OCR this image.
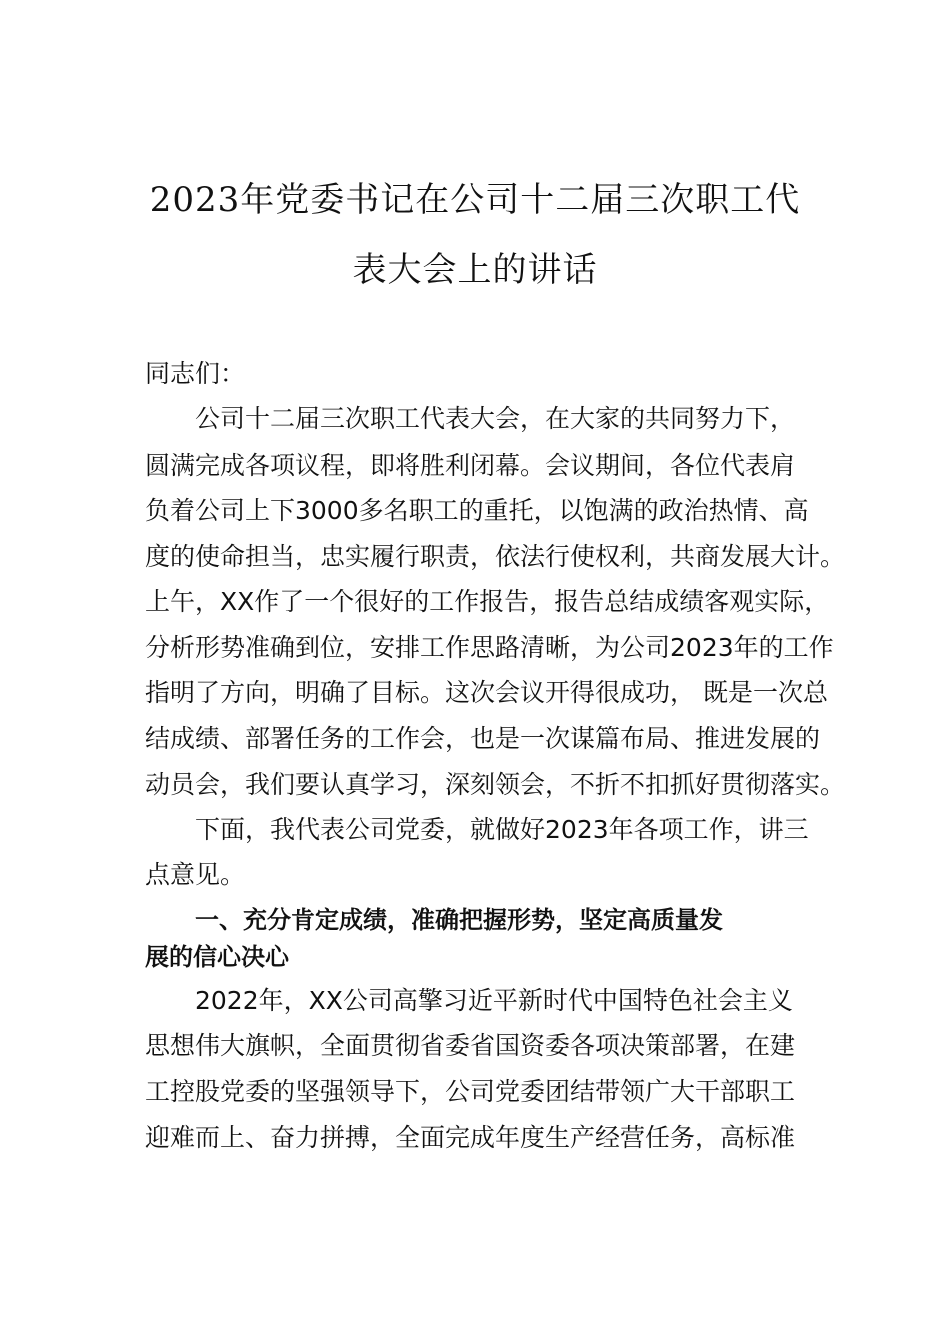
2023年党委书记在公司十二届三次职工代
表大会上的讲话
同志们：
公司十二届三次职工代表大会，在大家的共同努力下，
圆满完成各项议程，即将胜利闭幕。会议期间，各位代表肩
负着公司上下3000多名职工的重托，以饱满的政治热情、高
度的使命担当，忠实履行职责，依法行使权利，共商发展大计。
上午，XX作了一个很好的工作报告，报告总结成绩客观实际，
分析形势准确到位，安排工作思路清晰，为公司2023年的工作
指明了方向，明确了目标。这次会议开得很成功， 既是一次总
结成绩、部署任务的工作会，也是一次谋篇布局、推进发展的
动员会，我们要认真学习，深刻领会，不折不扣抓好贯彻落实。
下面，我代表公司党委，就做好2023年各项工作，讲三
点意见。
一、充分肯定成绩，准确把握形势，坚定高质量发
展的信心决心
2022年，XX公司高擎习近平新时代中国特色社会主义
思想伟大旗帜，全面贯彻省委省国资委各项决策部署，在建
工控股党委的坚强领导下，公司党委团结带领广大干部职工
迎难而上、奋力拼搏，全面完成年度生产经营任务，高标准
